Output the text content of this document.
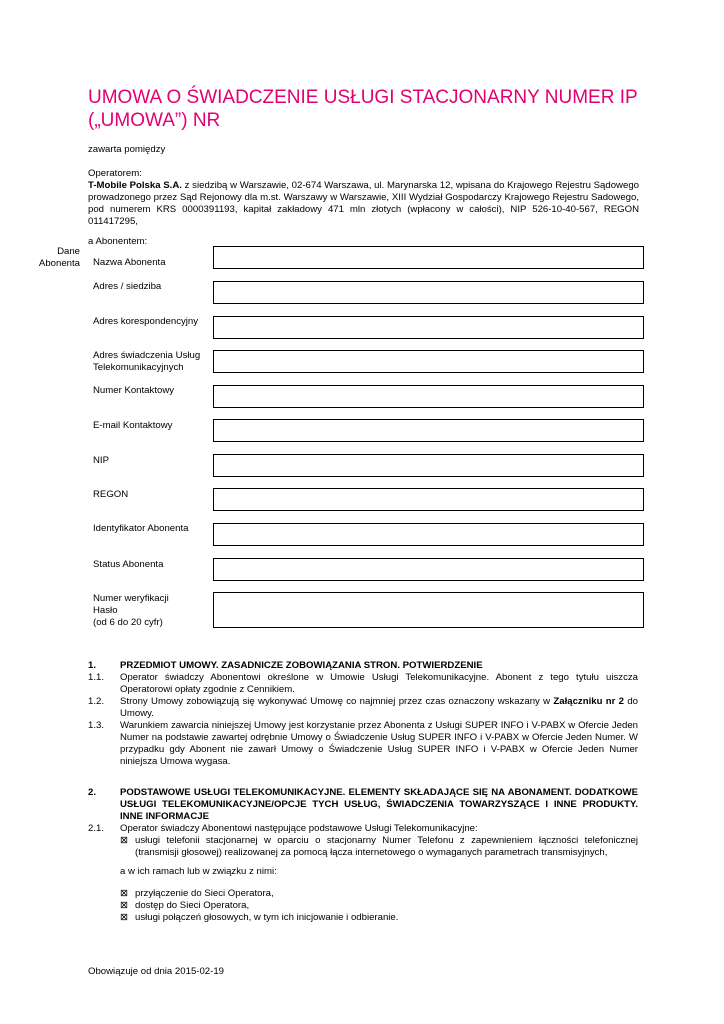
UMOWA O ŚWIADCZENIE USŁUGI STACJONARNY NUMER IP („UMOWA”) NR
zawarta pomiędzy
Operatorem:
T-Mobile Polska S.A. z siedzibą w Warszawie, 02-674 Warszawa, ul. Marynarska 12, wpisana do Krajowego Rejestru Sądowego prowadzonego przez Sąd Rejonowy dla m.st. Warszawy w Warszawie, XIII Wydział Gospodarczy Krajowego Rejestru Sadowego, pod numerem KRS 0000391193, kapitał zakładowy 471 mln złotych (wpłacony w całości), NIP 526-10-40-567, REGON 011417295,
a Abonentem:
Dane
Abonenta Nazwa Abonenta
Adres / siedziba
Adres korespondencyjny
Adres świadczenia Usług
Telekomunikacyjnych
Numer Kontaktowy
E-mail Kontaktowy
NIP
REGON
Identyfikator Abonenta
Status Abonenta
Numer weryfikacji
Hasło
(od 6 do 20 cyfr)
1. PRZEDMIOT UMOWY. ZASADNICZE ZOBOWIĄZANIA STRON. POTWIERDZENIE
1.1. Operator świadczy Abonentowi określone w Umowie Usługi Telekomunikacyjne. Abonent z tego tytułu uiszcza Operatorowi opłaty zgodnie z Cennikiem.
1.2. Strony Umowy zobowiązują się wykonywać Umowę co najmniej przez czas oznaczony wskazany w Załączniku nr 2 do Umowy.
1.3. Warunkiem zawarcia niniejszej Umowy jest korzystanie przez Abonenta z Usługi SUPER INFO i V-PABX w Ofercie Jeden Numer na podstawie zawartej odrębnie Umowy o Świadczenie Usług SUPER INFO i V-PABX w Ofercie Jeden Numer. W przypadku gdy Abonent nie zawarł Umowy o Świadczenie Usług SUPER INFO i V-PABX w Ofercie Jeden Numer niniejsza Umowa wygasa.
2. PODSTAWOWE USŁUGI TELEKOMUNIKACYJNE. ELEMENTY SKŁADAJĄCE SIĘ NA ABONAMENT. DODATKOWE USŁUGI TELEKOMUNIKACYJNE/OPCJE TYCH USŁUG, ŚWIADCZENIA TOWARZYSZĄCE I INNE PRODUKTY. INNE INFORMACJE
2.1. Operator świadczy Abonentowi następujące podstawowe Usługi Telekomunikacyjne:
⊠ usługi telefonii stacjonarnej w oparciu o stacjonarny Numer Telefonu z zapewnieniem łączności telefonicznej (transmisji głosowej) realizowanej za pomocą łącza internetowego o wymaganych parametrach transmisyjnych,
a w ich ramach lub w związku z nimi:
⊠ przyłączenie do Sieci Operatora,
⊠ dostęp do Sieci Operatora,
⊠ usługi połączeń głosowych, w tym ich inicjowanie i odbieranie.
Obowiązuje od dnia 2015-02-19
